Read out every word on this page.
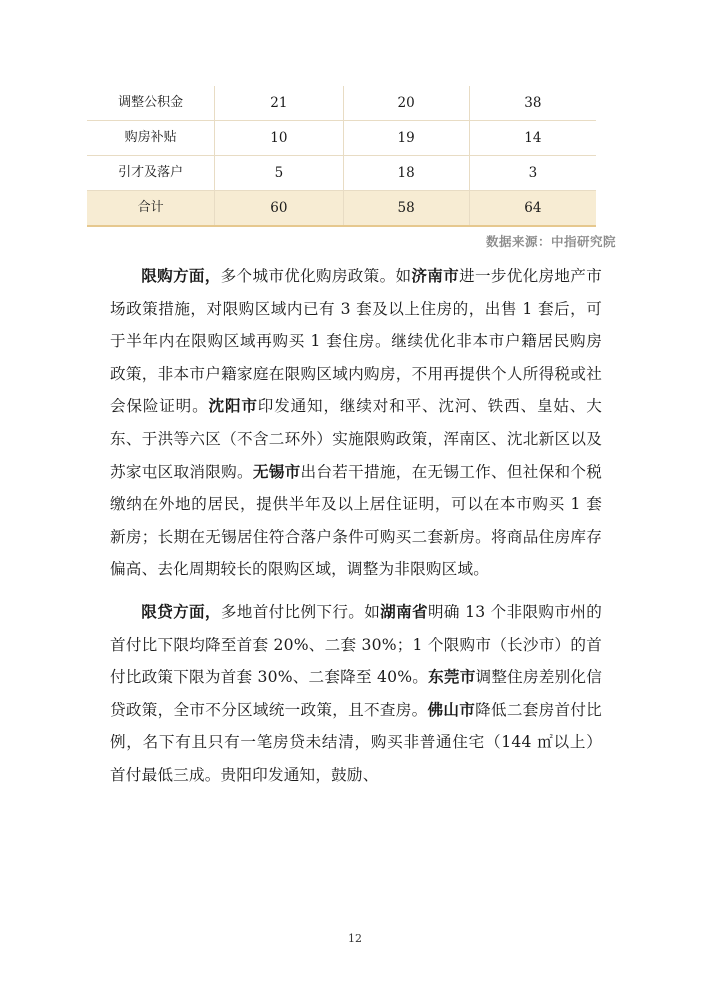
调整公积金	21	20	38
购房补贴	10	19	14
引才及落户	5	18	3
合计	60	58	64
数据来源：中指研究院

限购方面，多个城市优化购房政策。如济南市进一步优化房地产市场政策措施，对限购区域内已有 3 套及以上住房的，出售 1 套后，可于半年内在限购区域再购买 1 套住房。继续优化非本市户籍居民购房政策，非本市户籍家庭在限购区域内购房，不用再提供个人所得税或社会保险证明。沈阳市印发通知，继续对和平、沈河、铁西、皇姑、大东、于洪等六区（不含二环外）实施限购政策，浑南区、沈北新区以及苏家屯区取消限购。无锡市出台若干措施，在无锡工作、但社保和个税缴纳在外地的居民，提供半年及以上居住证明，可以在本市购买 1 套新房；长期在无锡居住符合落户条件可购买二套新房。将商品住房库存偏高、去化周期较长的限购区域，调整为非限购区域。

限贷方面，多地首付比例下行。如湖南省明确 13 个非限购市州的首付比下限均降至首套 20%、二套 30%；1 个限购市（长沙市）的首付比政策下限为首套 30%、二套降至 40%。东莞市调整住房差别化信贷政策，全市不分区域统一政策，且不查房。佛山市降低二套房首付比例，名下有且只有一笔房贷未结清，购买非普通住宅（144 ㎡以上）首付最低三成。贵阳印发通知，鼓励、

12
